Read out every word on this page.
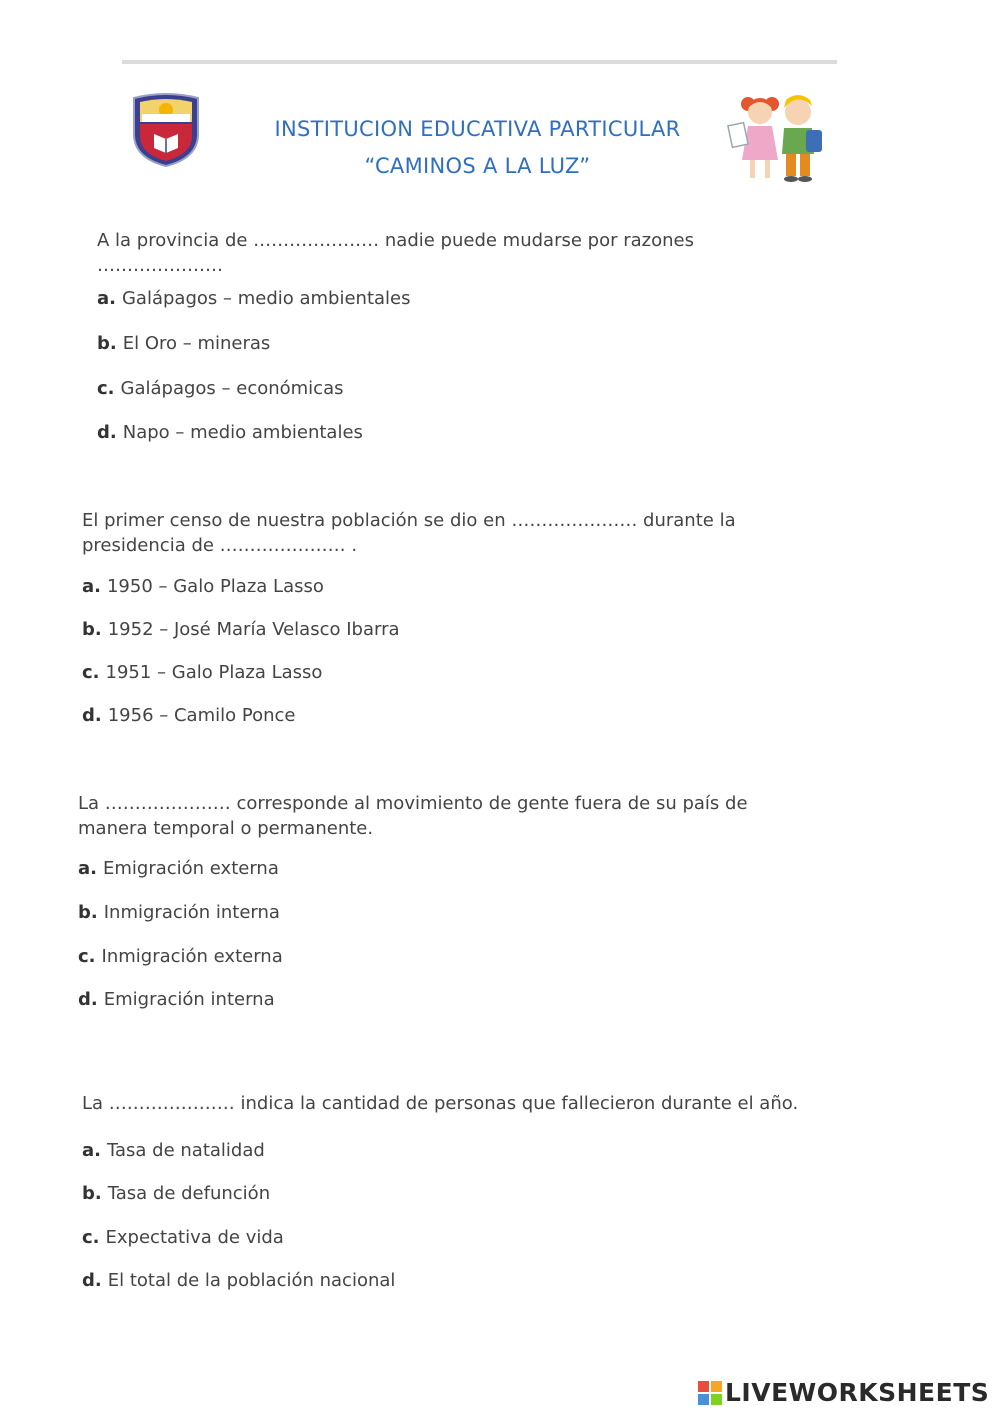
INSTITUCION EDUCATIVA PARTICULAR
“CAMINOS A LA LUZ”
A la provincia de ………………… nadie puede mudarse por razones …………………
a. Galápagos – medio ambientales
b. El Oro – mineras
c. Galápagos – económicas
d. Napo – medio ambientales
El primer censo de nuestra población se dio en ………………… durante la presidencia de ………………… .
a. 1950 – Galo Plaza Lasso
b. 1952 – José María Velasco Ibarra
c. 1951 – Galo Plaza Lasso
d. 1956 – Camilo Ponce
La ………………… corresponde al movimiento de gente fuera de su país de manera temporal o permanente.
a. Emigración externa
b. Inmigración interna
c. Inmigración externa
d. Emigración interna
La ………………… indica la cantidad de personas que fallecieron durante el año.
a. Tasa de natalidad
b. Tasa de defunción
c. Expectativa de vida
d. El total de la población nacional
LIVEWORKSHEETS
